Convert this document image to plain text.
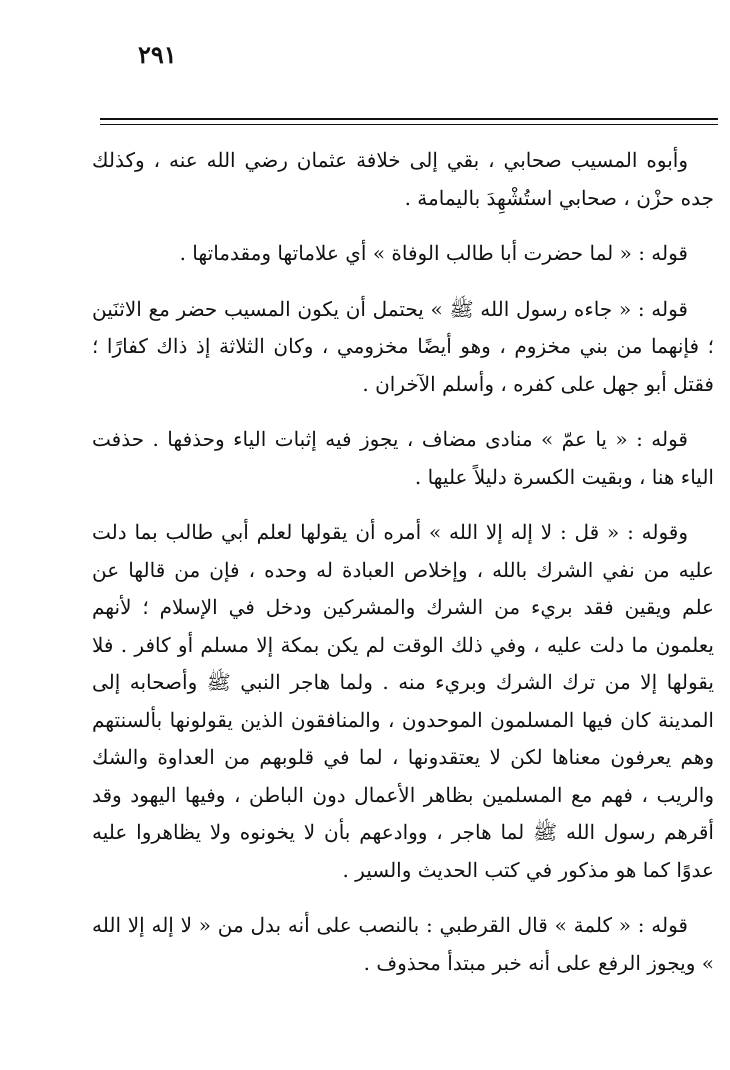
٢٩١

وأبوه المسيب صحابي ، بقي إلى خلافة عثمان رضي الله عنه ، وكذلك جده حزْن ، صحابي استُشْهِدَ باليمامة .

قوله : « لما حضرت أبا طالب الوفاة » أي علاماتها ومقدماتها .

قوله : « جاءه رسول الله ﷺ » يحتمل أن يكون المسيب حضر مع الاثنَين ؛ فإنهما من بني مخزوم ، وهو أيضًا مخزومي ، وكان الثلاثة إذ ذاك كفارًا ؛ فقتل أبو جهل على كفره ، وأسلم الآخران .

قوله : « يا عمّ » منادى مضاف ، يجوز فيه إثبات الياء وحذفها . حذفت الياء هنا ، وبقيت الكسرة دليلاً عليها .

وقوله : « قل : لا إله إلا الله » أمره أن يقولها لعلم أبي طالب بما دلت عليه من نفي الشرك بالله ، وإخلاص العبادة له وحده ، فإن من قالها عن علم ويقين فقد بريء من الشرك والمشركين ودخل في الإسلام ؛ لأنهم يعلمون ما دلت عليه ، وفي ذلك الوقت لم يكن بمكة إلا مسلم أو كافر . فلا يقولها إلا من ترك الشرك وبريء منه . ولما هاجر النبي ﷺ وأصحابه إلى المدينة كان فيها المسلمون الموحدون ، والمنافقون الذين يقولونها بألسنتهم وهم يعرفون معناها لكن لا يعتقدونها ، لما في قلوبهم من العداوة والشك والريب ، فهم مع المسلمين بظاهر الأعمال دون الباطن ، وفيها اليهود وقد أقرهم رسول الله ﷺ لما هاجر ، ووادعهم بأن لا يخونوه ولا يظاهروا عليه عدوًا كما هو مذكور في كتب الحديث والسير .

قوله : « كلمة » قال القرطبي : بالنصب على أنه بدل من « لا إله إلا الله » ويجوز الرفع على أنه خبر مبتدأ محذوف .
